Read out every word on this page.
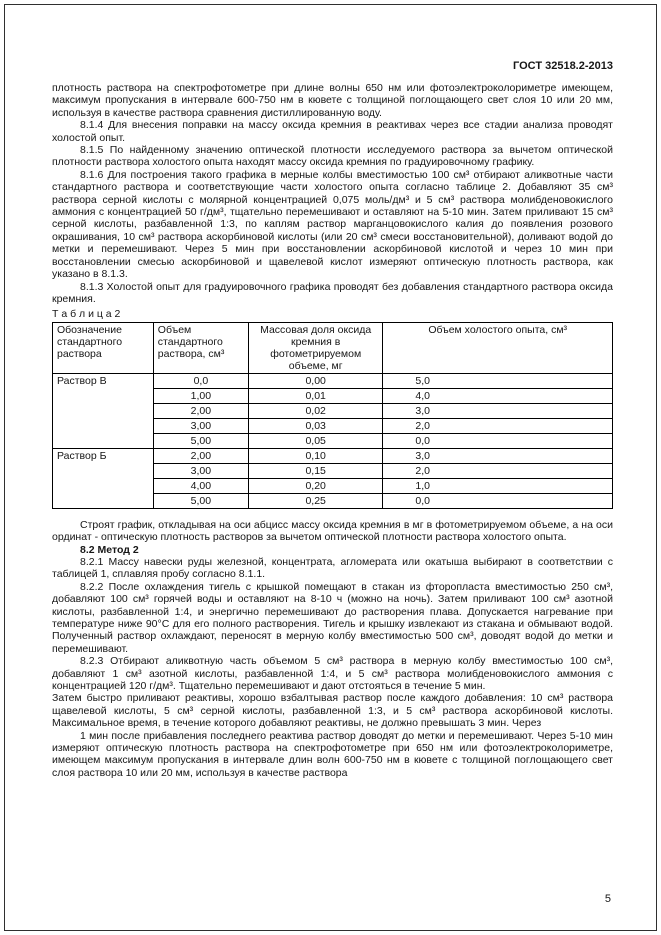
ГОСТ 32518.2-2013

плотность раствора на спектрофотометре при длине волны 650 нм или фотоэлектроколориметре имеющем, максимум пропускания в интервале 600-750 нм в кювете с толщиной поглощающего свет слоя 10 или 20 мм, используя в качестве раствора сравнения дистиллированную воду.

8.1.4 Для внесения поправки на массу оксида кремния в реактивах через все стадии анализа проводят холостой опыт.

8.1.5 По найденному значению оптической плотности исследуемого раствора за вычетом оптической плотности раствора холостого опыта находят массу оксида кремния по градуировочному графику.

8.1.6 Для построения такого графика в мерные колбы вместимостью 100 см³ отбирают аликвотные части стандартного раствора и соответствующие части холостого опыта согласно таблице 2. Добавляют 35 см³ раствора серной кислоты с молярной концентрацией 0,075 моль/дм³ и 5 см³ раствора молибденовокислого аммония с концентрацией 50 г/дм³, тщательно перемешивают и оставляют на 5-10 мин. Затем приливают 15 см³ серной кислоты, разбавленной 1:3, по каплям раствор марганцовокислого калия до появления розового окрашивания, 10 см³ раствора аскорбиновой кислоты (или 20 см³ смеси восстановительной), доливают водой до метки и перемешивают. Через 5 мин при восстановлении аскорбиновой кислотой и через 10 мин при восстановлении смесью аскорбиновой и щавелевой кислот измеряют оптическую плотность раствора, как указано в 8.1.3.

8.1.3 Холостой опыт для градуировочного графика проводят без добавления стандартного раствора оксида кремния.

Т а б л и ц а 2

Обозначение стандартного раствора	Объем стандартного раствора, см³	Массовая доля оксида кремния в фотометрируемом объеме, мг	Объем холостого опыта, см³
Раствор В	0,0	0,00	5,0
	1,00	0,01	4,0
	2,00	0,02	3,0
	3,00	0,03	2,0
	5,00	0,05	0,0
Раствор Б	2,00	0,10	3,0
	3,00	0,15	2,0
	4,00	0,20	1,0
	5,00	0,25	0,0

Строят график, откладывая на оси абцисс массу оксида кремния в мг в фотометрируемом объеме, а на оси ординат - оптическую плотность растворов за вычетом оптической плотности раствора холостого опыта.

8.2 Метод 2

8.2.1 Массу навески руды железной, концентрата, агломерата или окатыша выбирают в соответствии с таблицей 1, сплавляя пробу согласно 8.1.1.

8.2.2 После охлаждения тигель с крышкой помещают в стакан из фторопласта вместимостью 250 см³, добавляют 100 см³ горячей воды и оставляют на 8-10 ч (можно на ночь). Затем приливают 100 см³ азотной кислоты, разбавленной 1:4, и энергично перемешивают до растворения плава. Допускается нагревание при температуре ниже 90°С для его полного растворения. Тигель и крышку извлекают из стакана и обмывают водой. Полученный раствор охлаждают, переносят в мерную колбу вместимостью 500 см³, доводят водой до метки и перемешивают.

8.2.3 Отбирают аликвотную часть объемом 5 см³ раствора в мерную колбу вместимостью 100 см³, добавляют 1 см³ азотной кислоты, разбавленной 1:4, и 5 см³ раствора молибденовокислого аммония с концентрацией 120 г/дм³. Тщательно перемешивают и дают отстояться в течение 5 мин.

Затем быстро приливают реактивы, хорошо взбалтывая раствор после каждого добавления: 10 см³ раствора щавелевой кислоты, 5 см³ серной кислоты, разбавленной 1:3, и 5 см³ раствора аскорбиновой кислоты. Максимальное время, в течение которого добавляют реактивы, не должно превышать 3 мин. Через

1 мин после прибавления последнего реактива раствор доводят до метки и перемешивают. Через 5-10 мин измеряют оптическую плотность раствора на спектрофотометре при 650 нм или фотоэлектроколориметре, имеющем максимум пропускания в интервале длин волн 600-750 нм в кювете с толщиной поглощающего свет слоя раствора 10 или 20 мм, используя в качестве раствора

5
